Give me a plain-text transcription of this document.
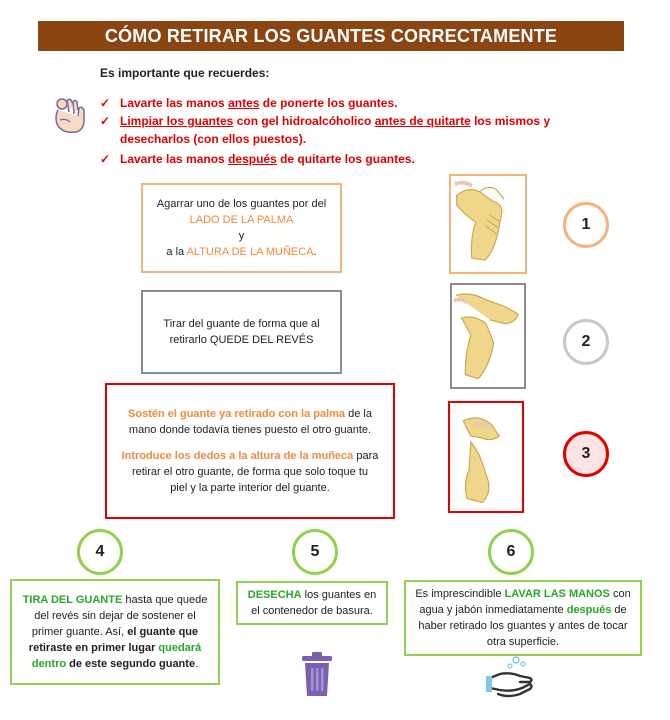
CÓMO RETIRAR LOS GUANTES CORRECTAMENTE
Es importante que recuerdes:
✓ Lavarte las manos antes de ponerte los guantes.
✓ Limpiar los guantes con gel hidroalcóholico antes de quitarte los mismos y
desecharlos (con ellos puestos).
✓ Lavarte las manos después de quitarte los guantes.
Agarrar uno de los guantes por del
LADO DE LA PALMA
y
a la ALTURA DE LA MUÑECA.
1
Tirar del guante de forma que al
retirarlo QUEDE DEL REVÉS	2
Sostén el guante ya retirado con la palma de la
mano donde todavía tienes puesto el otro guante.
Introduce los dedos a la altura de la muñeca para
retirar el otro guante, de forma que solo toque tu
piel y la parte interior del guante.
3
4	5	6
TIRA DEL GUANTE hasta que quede
del revés sin dejar de sostener el
primer guante. Así, el guante que
retiraste en primer lugar quedará
dentro de este segundo guante.
DESECHA los guantes en
el contenedor de basura.
Es imprescindible LAVAR LAS MANOS con
agua y jabón inmediatamente después de
haber retirado los guantes y antes de tocar
otra superficie.
